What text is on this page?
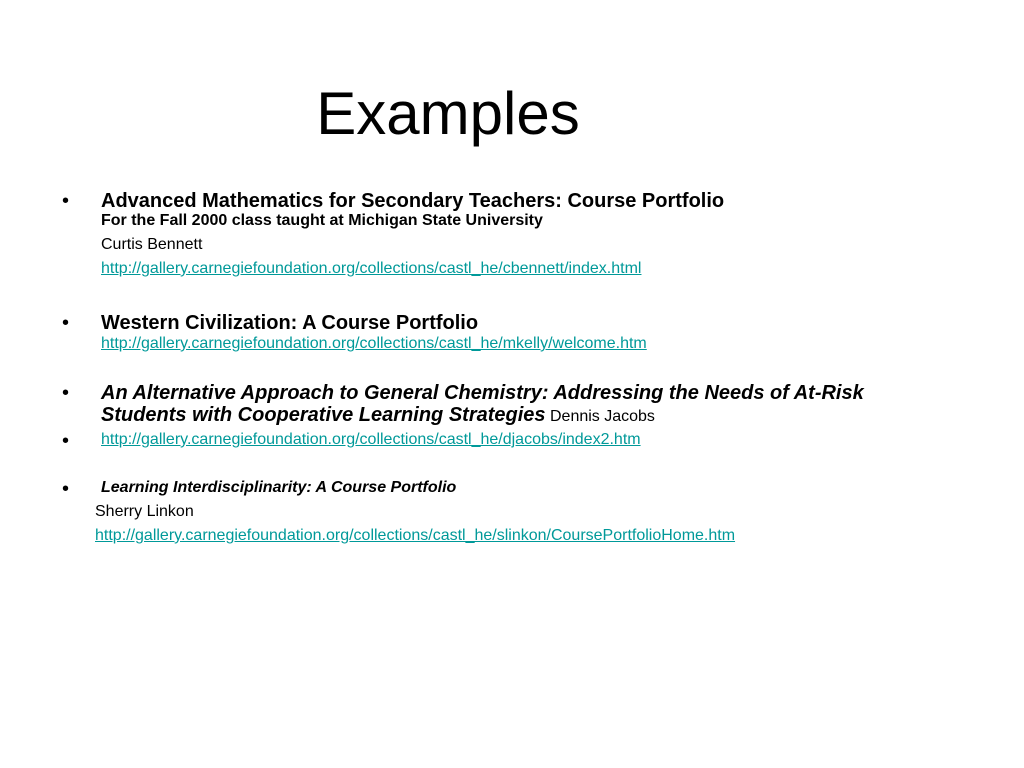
Examples
• Advanced Mathematics for Secondary Teachers: Course Portfolio
For the Fall 2000 class taught at Michigan State University
Curtis Bennett
http://gallery.carnegiefoundation.org/collections/castl_he/cbennett/index.html
• Western Civilization: A Course Portfolio
http://gallery.carnegiefoundation.org/collections/castl_he/mkelly/welcome.htm
• An Alternative Approach to General Chemistry: Addressing the Needs of At-Risk
Students with Cooperative Learning Strategies Dennis Jacobs
• http://gallery.carnegiefoundation.org/collections/castl_he/djacobs/index2.htm
• Learning Interdisciplinarity: A Course Portfolio
Sherry Linkon
http://gallery.carnegiefoundation.org/collections/castl_he/slinkon/CoursePortfolioHome.htm
